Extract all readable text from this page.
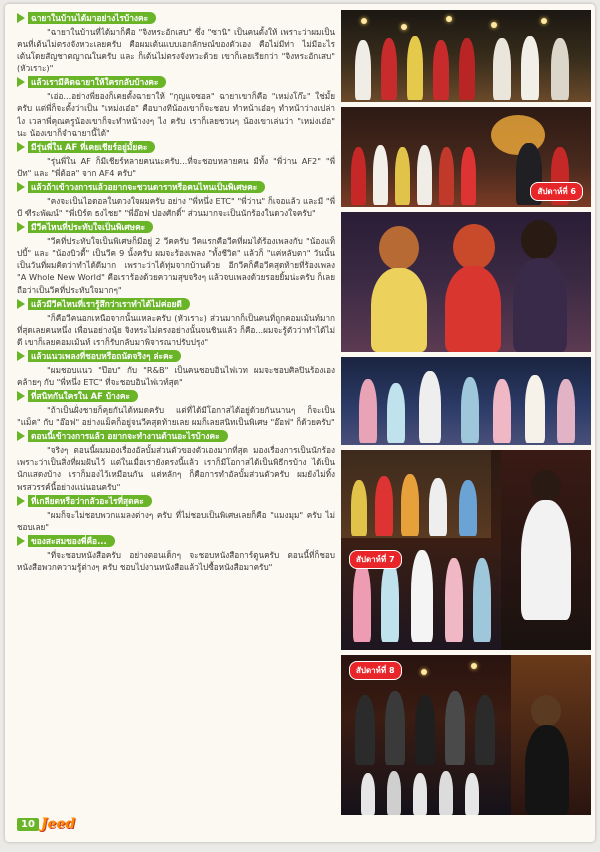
ฉายาในบ้านได้มาอย่างไรบ้างคะ

"ฉายาในบ้านที่ได้มาก็คือ "จิงหระอักเสบ" ซึ่ง "ซานิ" เป็นคนตั้งให้ เพราะว่าผมเป็นคนที่เต้นไม่ตรงจังหวะเลยครับ คือผมเต้นแบบเอกลักษณ์ของตัวเอง คือไม่มีท่า ไม่มีอะไร เต้นโดยสัญชาตญาณในครับ และ ก็เต้นไม่ตรงจังหวะด้วย เขาก็เลยเรียกว่า "จิงหระอักเสบ" (หัวเราะ)"

แล้วเรามีคิดฉายาให้ใครกลับบ้างคะ

"เอ่อ...อย่างพี่ยองก็เคยตั้งฉายาให้ "กุญแจซอล" ฉายาเขาก็คือ "เหม่งโก๊ะ" ใช่มั้ยครับ แต่พี่ก็จะตั้งว่าเป็น "เหม่งเอ๋อ" คือบางทีน้องเขาก็จะชอบ ทำหน้าเอ๋อๆ ทำหน้าว่างเปล่าไง เวลาพี่คุณครูน้องเขาก็จะทำหน้างงๆ ไง ครับ เราก็เลยชวนๆ น้องเขาเล่นว่า "เหม่งเอ๋อ" นะ น้องเขาก็จำฉายานี้ได้"

มีรุ่นพี่ใน AF ที่เคยเชียร์อยู่มั้ยคะ

"รุ่นพี่ใน AF ก็มีเชียร์หลายคนนะครับ...ที่จะชอบหลายคน มีทั้ง "พี่ว่าน AF2" "พี่ปัท" และ "พี่ต้อล" จาก AF4 ครับ"

แล้วถ้าเข้าวงการแล้วอยากจะชวนดาราหรือคนไหนเป็นพิเศษคะ

"คงจะเป็นไอดอลในดวงใจผมครับ อย่าง "พี่หนึ่ง ETC" "พี่ว่าน" ก็เจอแล้ว และมี "พี่บี ฑีระพัฒน์" "พี่เบิร์ด ธงไชย" "พี่อ๊อฟ ปองศักดิ์" ส่วนมากจะเป็นนักร้องในดวงใจครับ"

มีวีคไหนที่ประทับใจเป็นพิเศษคะ

"วีคที่ประทับใจเป็นพิเศษก็มีอยู่ 2 วีคครับ วีคแรกคือวีคที่ผมได้ร้องเพลงกับ "น้องแท็ปบี้" และ "น้องบิวตี้" เป็นวีค 9 นั้งครับ ผมจะร้องเพลง "ทั้งชีวิต" แล้วก็ "แค่หลับตา" วันนั้นเป็นวันที่ผมคิดว่าทำได้ดีมาก เพราะว่าได้ทุ่มจากบ้านด้วย อีกวีคก็คือวีคสุดท้ายที่ร้องเพลง "A Whole New World" คือเราร้องด้วยความสุขจริงๆ แล้วจบเพลงด้วยรอยยิ้มน่ะครับ ก็เลยถือว่าเป็นวีคที่ประทับใจมากๆ"

แล้วมีวีคไหนที่เรารู้สึกว่าเราทำได้ไม่ค่อยดี

"ก็คือวีคนอกเหนือจากนั้นแหละครับ (หัวเราะ) ส่วนมากก็เป็นคนที่ถูกคอมเม้นท์มากที่สุดเลยคนหนึ่ง เพื่อนอย่างนุ้ย จิงหระไม่ตรงอย่างนั้นจนชินแล้ว ก็คือ...ผมจะรู้ตัวว่าทำได้ไม่ดี เขาก็เลยคอมเม้นท์ เราก็รับกลับมาพิจารณาปรับปรุง"

แล้วแนวเพลงที่ชอบหรือถนัดจริงๆ ล่ะคะ

"ผมชอบแนว "ป๊อบ" กับ "R&B" เป็นคนชอบอินไฟเวท ผมจะชอบศิลปินร้องเองคล้ายๆ กับ "พี่หนึ่ง ETC" ที่จะชอบอินไฟเวท์สุด"

ที่สนิทกันใครใน AF บ้างคะ

"ถ้าเป็นฝั่งชายก็คุยกันได้หมดครับ แต่ที่ได้มีโอกาสได้อยู่ด้วยกันนานๆ ก็จะเป็น "แม็ค" กับ "อ๊อฟ" อย่างแม็คก็อยู่จนวีคสุดท้ายเลย ผมก็เลยสนิทเป็นพิเศษ "อ๊อฟ" ก็ด้วยครับ"

ตอนนี้เข้าวงการแล้ว อยากจะทำงานด้านอะไรบ้างคะ

"จริงๆ ตอนนี้ผมมองเรื่องอัลบั้มส่วนตัวของตัวเองมากที่สุด มองเรื่องการเป็นนักร้องเพราะว่าเป็นสิ่งที่ผมฝันไว้ แต่ในเมื่อเรายังตรงนี้แล้ว เราก็มีโอกาสได้เป็นพิธีกรบ้าง ได้เป็นนักแสดงบ้าง เราก็มองไว้เหมือนกัน แต่หลักๆ ก็คือการทำอัลบั้มส่วนตัวครับ ผมยังไม่ทิ้งพรสวรรค์นี้อย่างแน่นอนครับ"

ที่เกลียดหรือว่ากลัวอะไรที่สุดคะ

"ผมก็จะไม่ชอบพวกแมลงต่างๆ ครับ ที่ไม่ชอบเป็นพิเศษเลยก็คือ "แมงมุม" ครับ ไม่ชอบเลย"

ของสะสมของพี่คือ...

"ที่จะชอบหนังสือครับ อย่างตอนเด็กๆ จะชอบหนังสือการ์ตูนครับ ตอนนี้ที่ก็ชอบหนังสือพวกความรู้ต่างๆ ครับ ชอบไปงานหนังสือแล้วไปซื้อหนังสือมาครับ"

สัปดาห์ที่ 6
สัปดาห์ที่ 7
สัปดาห์ที่ 8
10 Jeed
